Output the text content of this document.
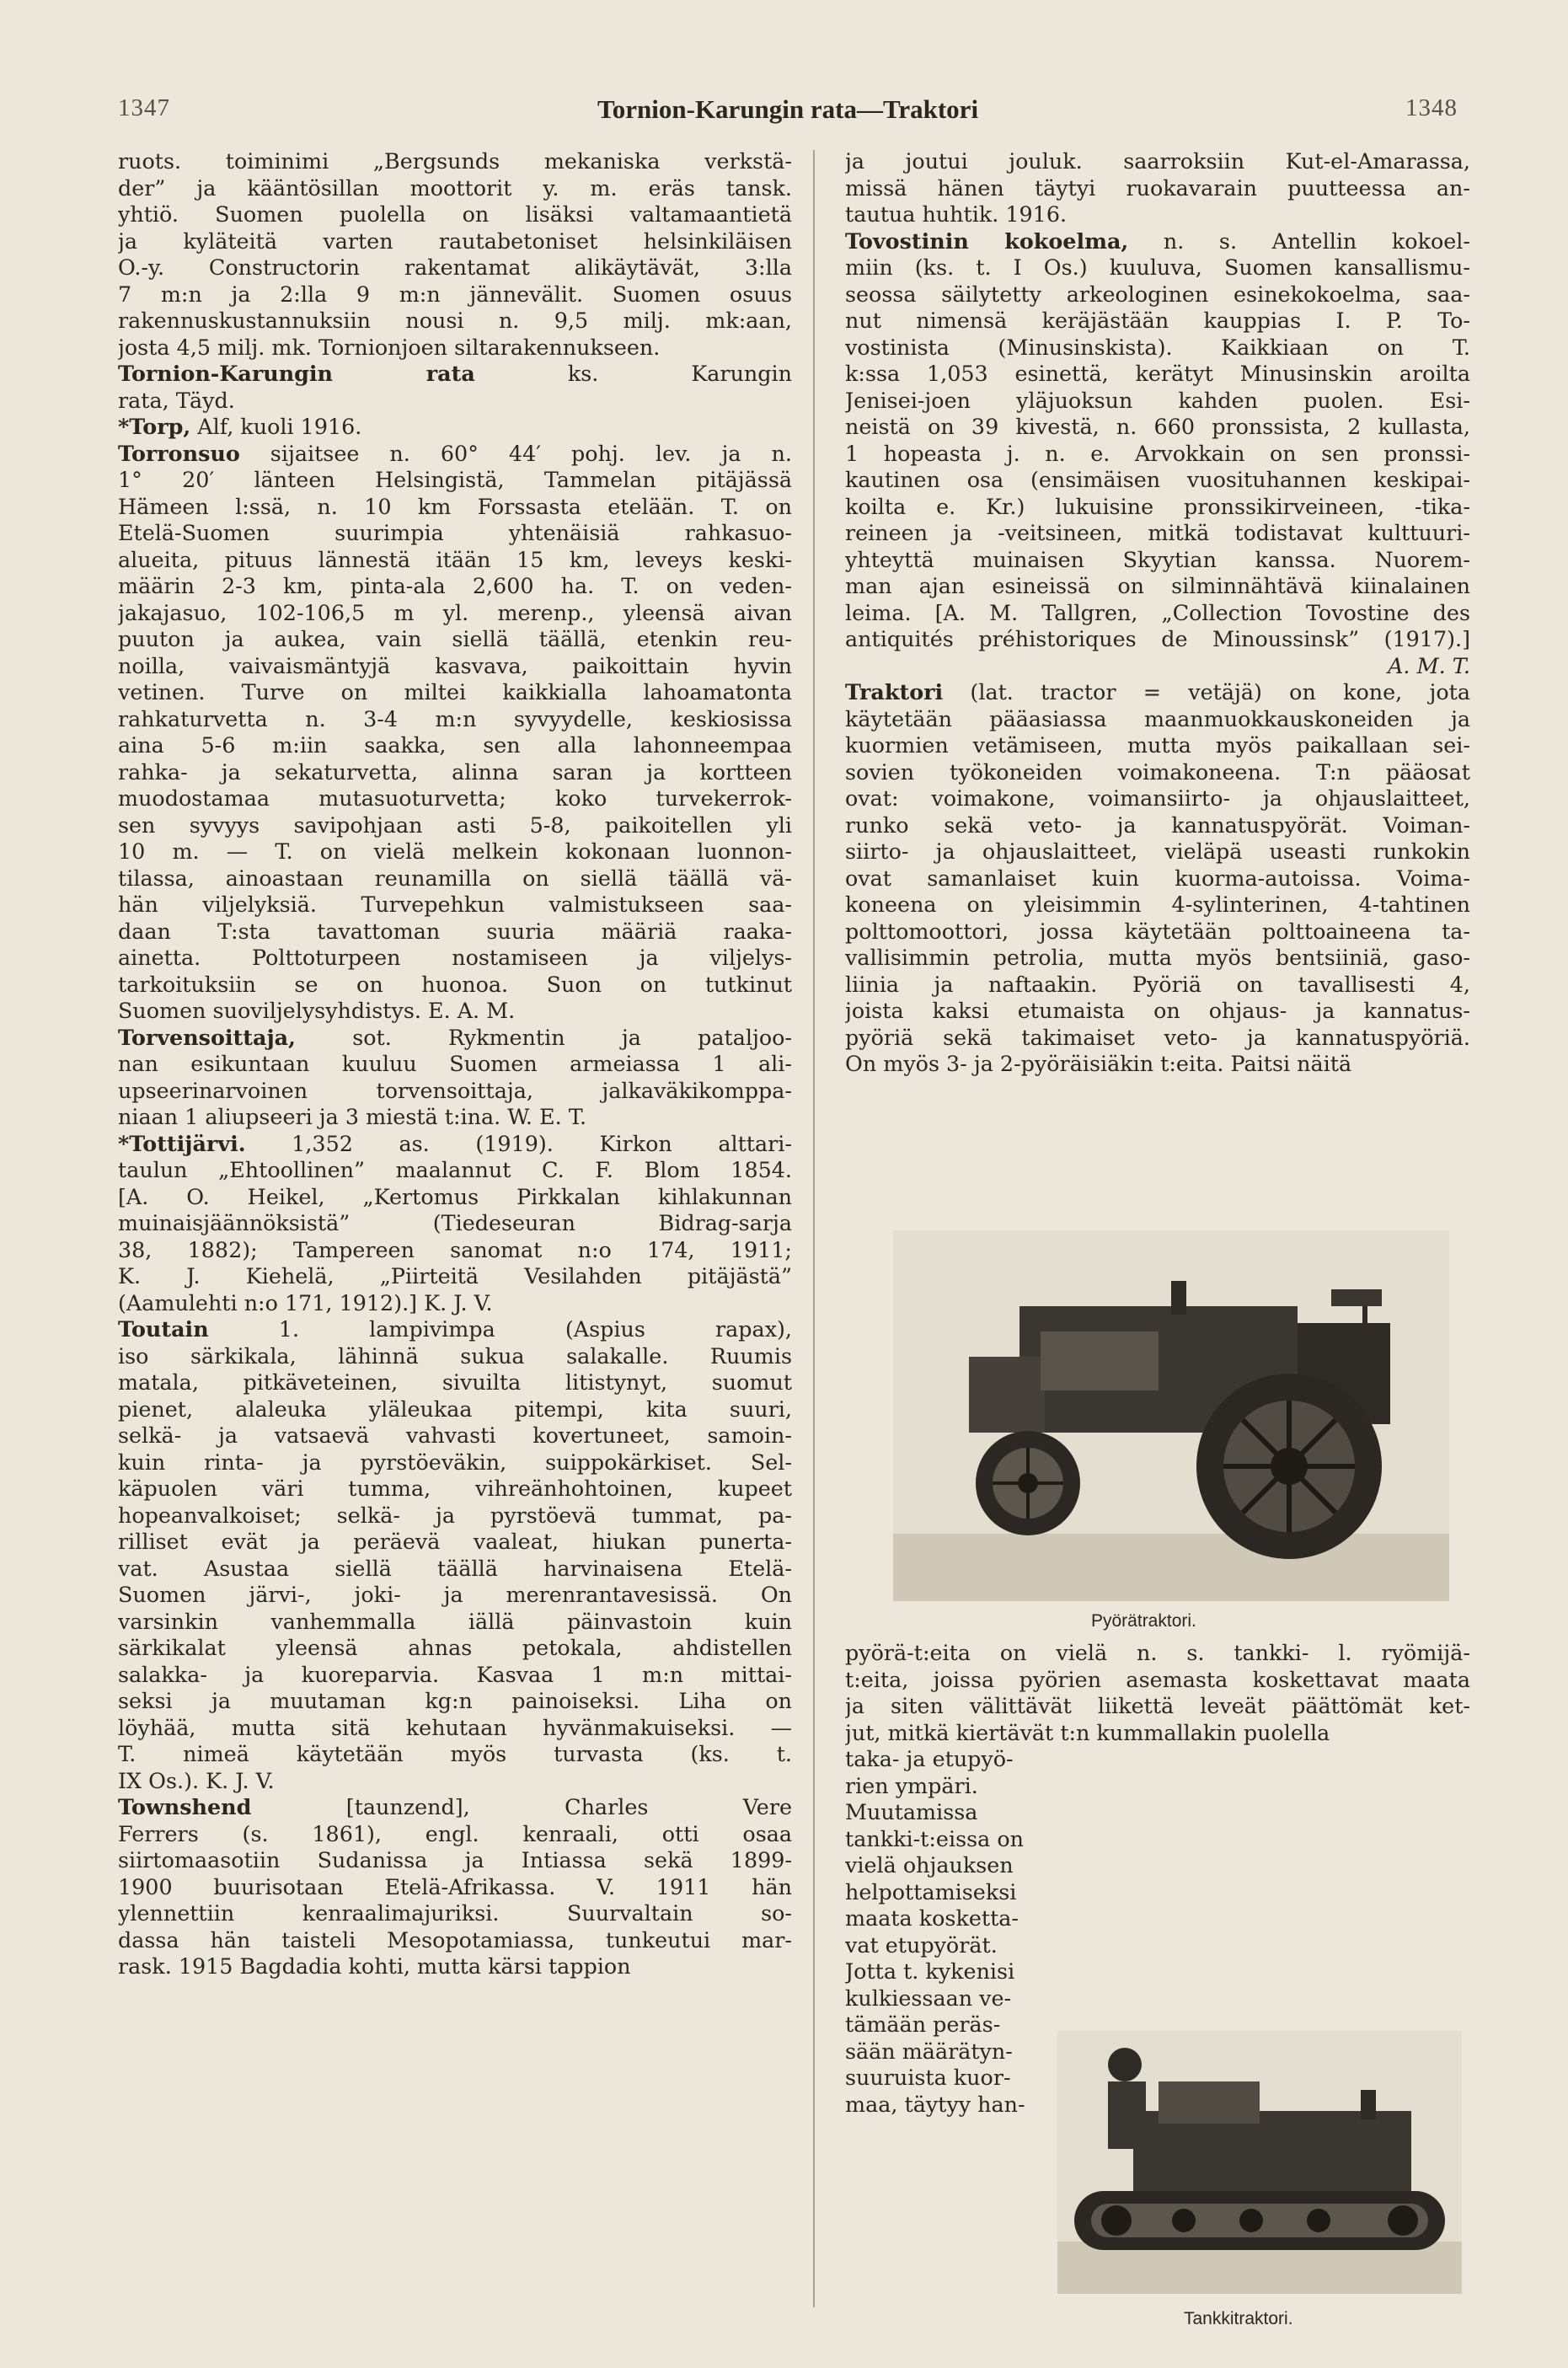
1347	Tornion-Karungin rata—Traktori	1348
ruots. toiminimi „Bergsunds mekaniska verkstä-
der” ja kääntösillan moottorit y. m. eräs tansk.
yhtiö. Suomen puolella on lisäksi valtamaantietä
ja kyläteitä varten rautabetoniset helsinkiläisen
O.-y. Constructorin rakentamat alikäytävät, 3:lla
7 m:n ja 2:lla 9 m:n jännevälit. Suomen osuus
rakennuskustannuksiin nousi n. 9,5 milj. mk:aan,
josta 4,5 milj. mk. Tornionjoen siltarakennukseen.
Tornion-Karungin rata ks. Karungin
rata, Täyd.
*Torp, Alf, kuoli 1916.
Torronsuo sijaitsee n. 60° 44′ pohj. lev. ja n.
1° 20′ länteen Helsingistä, Tammelan pitäjässä
Hämeen l:ssä, n. 10 km Forssasta etelään. T. on
Etelä-Suomen suurimpia yhtenäisiä rahkasuo-
alueita, pituus lännestä itään 15 km, leveys keski-
määrin 2-3 km, pinta-ala 2,600 ha. T. on veden-
jakajasuo, 102-106,5 m yl. merenp., yleensä aivan
puuton ja aukea, vain siellä täällä, etenkin reu-
noilla, vaivaismäntyjä kasvava, paikoittain hyvin
vetinen. Turve on miltei kaikkialla lahoamatonta
rahkaturvetta n. 3-4 m:n syvyydelle, keskiosissa
aina 5-6 m:iin saakka, sen alla lahonneempaa
rahka- ja sekaturvetta, alinna saran ja kortteen
muodostamaa mutasuoturvetta; koko turvekerrok-
sen syvyys savipohjaan asti 5-8, paikoitellen yli
10 m. — T. on vielä melkein kokonaan luonnon-
tilassa, ainoastaan reunamilla on siellä täällä vä-
hän viljelyksiä. Turvepehkun valmistukseen saa-
daan T:sta tavattoman suuria määriä raaka-
ainetta. Polttoturpeen nostamiseen ja viljelys-
tarkoituksiin se on huonoa. Suon on tutkinut
Suomen suoviljelysyhdistys. E. A. M.
Torvensoittaja, sot. Rykmentin ja pataljoo-
nan esikuntaan kuuluu Suomen armeiassa 1 ali-
upseerinarvoinen torvensoittaja, jalkaväkikomppa-
niaan 1 aliupseeri ja 3 miestä t:ina. W. E. T.
*Tottijärvi. 1,352 as. (1919). Kirkon alttari-
taulun „Ehtoollinen” maalannut C. F. Blom 1854.
[A. O. Heikel, „Kertomus Pirkkalan kihlakunnan
muinaisjäännöksistä” (Tiedeseuran Bidrag-sarja
38, 1882); Tampereen sanomat n:o 174, 1911;
K. J. Kiehelä, „Piirteitä Vesilahden pitäjästä”
(Aamulehti n:o 171, 1912).] K. J. V.
Toutain 1. lampivimpa (Aspius rapax),
iso särkikala, lähinnä sukua salakalle. Ruumis
matala, pitkäveteinen, sivuilta litistynyt, suomut
pienet, alaleuka yläleukaa pitempi, kita suuri,
selkä- ja vatsaevä vahvasti kovertuneet, samoin-
kuin rinta- ja pyrstöeväkin, suippokärkiset. Sel-
käpuolen väri tumma, vihreänhohtoinen, kupeet
hopeanvalkoiset; selkä- ja pyrstöevä tummat, pa-
rilliset evät ja peräevä vaaleat, hiukan punerta-
vat. Asustaa siellä täällä harvinaisena Etelä-
Suomen järvi-, joki- ja merenrantavesissä. On
varsinkin vanhemmalla iällä päinvastoin kuin
särkikalat yleensä ahnas petokala, ahdistellen
salakka- ja kuoreparvia. Kasvaa 1 m:n mittai-
seksi ja muutaman kg:n painoiseksi. Liha on
löyhää, mutta sitä kehutaan hyvänmakuiseksi. —
T. nimeä käytetään myös turvasta (ks. t.
IX Os.). K. J. V.
Townshend [taunzend], Charles Vere
Ferrers (s. 1861), engl. kenraali, otti osaa
siirtomaasotiin Sudanissa ja Intiassa sekä 1899-
1900 buurisotaan Etelä-Afrikassa. V. 1911 hän
ylennettiin kenraalimajuriksi. Suurvaltain so-
dassa hän taisteli Mesopotamiassa, tunkeutui mar-
rask. 1915 Bagdadia kohti, mutta kärsi tappion
ja joutui jouluk. saarroksiin Kut-el-Amarassa,
missä hänen täytyi ruokavarain puutteessa an-
tautua huhtik. 1916.
Tovostinin kokoelma, n. s. Antellin kokoel-
miin (ks. t. I Os.) kuuluva, Suomen kansallismu-
seossa säilytetty arkeologinen esinekokoelma, saa-
nut nimensä keräjästään kauppias I. P. To-
vostinista (Minusinskista). Kaikkiaan on T.
k:ssa 1,053 esinettä, kerätyt Minusinskin aroilta
Jenisei-joen yläjuoksun kahden puolen. Esi-
neistä on 39 kivestä, n. 660 pronssista, 2 kullasta,
1 hopeasta j. n. e. Arvokkain on sen pronssi-
kautinen osa (ensimäisen vuosituhannen keskipai-
koilta e. Kr.) lukuisine pronssikirveineen, -tika-
reineen ja -veitsineen, mitkä todistavat kulttuuri-
yhteyttä muinaisen Skyytian kanssa. Nuorem-
man ajan esineissä on silminnähtävä kiinalainen
leima. [A. M. Tallgren, „Collection Tovostine des
antiquités préhistoriques de Minoussinsk” (1917).]
A. M. T.
Traktori (lat. tractor = vetäjä) on kone, jota
käytetään pääasiassa maanmuokkauskoneiden ja
kuormien vetämiseen, mutta myös paikallaan sei-
sovien työkoneiden voimakoneena. T:n pääosat
ovat: voimakone, voimansiirto- ja ohjauslaitteet,
runko sekä veto- ja kannatuspyörät. Voiman-
siirto- ja ohjauslaitteet, vieläpä useasti runkokin
ovat samanlaiset kuin kuorma-autoissa. Voima-
koneena on yleisimmin 4-sylinterinen, 4-tahtinen
polttomoottori, jossa käytetään polttoaineena ta-
vallisimmin petrolia, mutta myös bentsiiniä, gaso-
liinia ja naftaakin. Pyöriä on tavallisesti 4,
joista kaksi etumaista on ohjaus- ja kannatus-
pyöriä sekä takimaiset veto- ja kannatuspyöriä.
On myös 3- ja 2-pyöräisiäkin t:eita. Paitsi näitä
Pyörätraktori.
Tankkitraktori.
pyörä-t:eita on vielä n. s. tankki- l. ryömijä-
t:eita, joissa pyörien asemasta koskettavat maata
ja siten välittävät liikettä leveät päättömät ket-
jut, mitkä kiertävät t:n kummallakin puolella
taka- ja etupyö-
rien ympäri.
Muutamissa
tankki-t:eissa on
vielä ohjauksen
helpottamiseksi
maata kosketta-
vat etupyörät.
Jotta t. kykenisi
kulkiessaan ve-
tämään peräs-
sään määrätyn-
suuruista kuor-
maa, täytyy han-
